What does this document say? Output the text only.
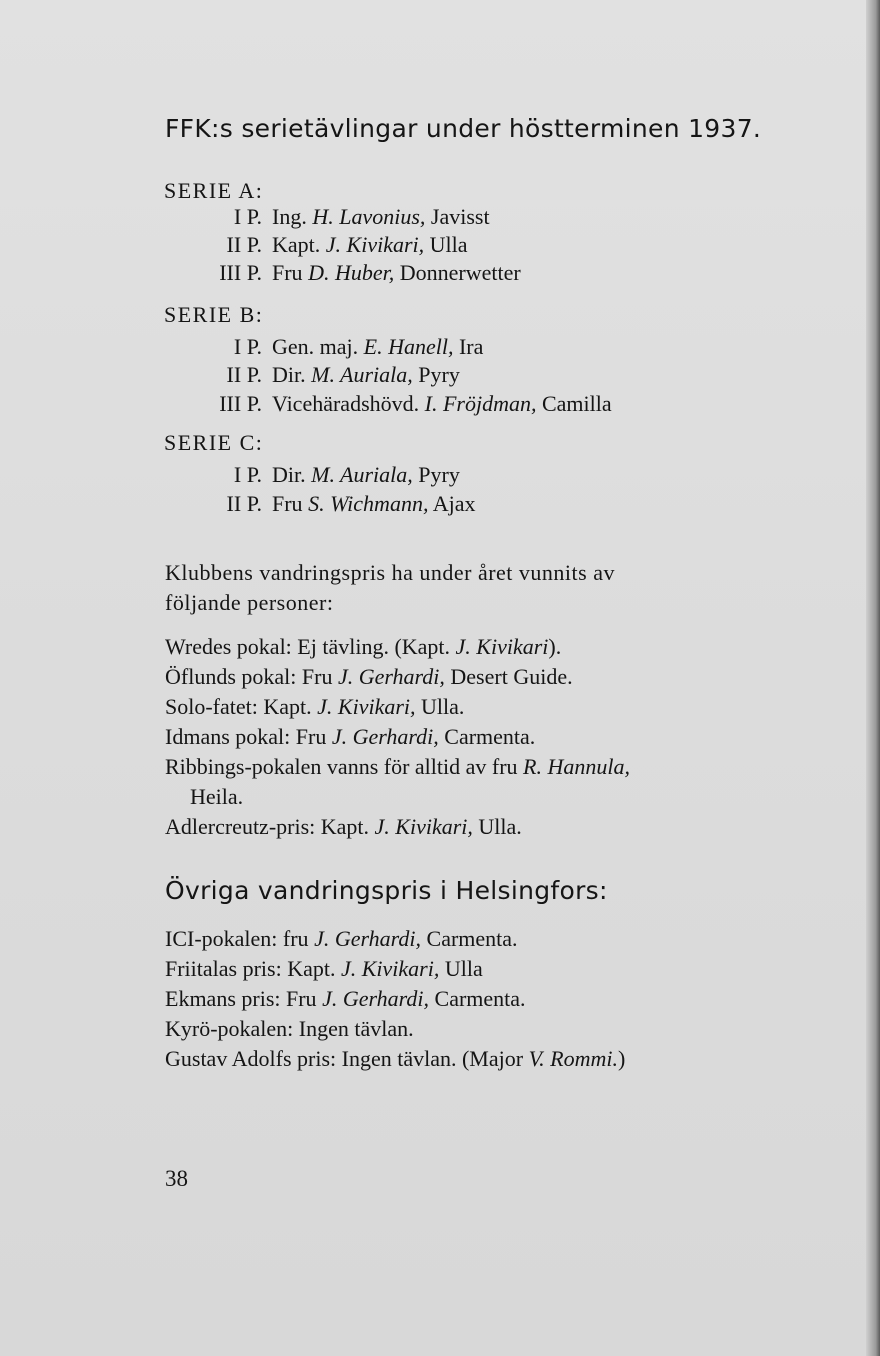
FFK:s serietävlingar under höstterminen 1937.
SERIE A:
I P. Ing. H. Lavonius, Javisst
II P. Kapt. J. Kivikari, Ulla
III P. Fru D. Huber, Donnerwetter
SERIE B:
I P. Gen. maj. E. Hanell, Ira
II P. Dir. M. Auriala, Pyry
III P. Vicehäradshövd. I. Fröjdman, Camilla
SERIE C:
I P. Dir. M. Auriala, Pyry
II P. Fru S. Wichmann, Ajax
Klubbens vandringspris ha under året vunnits av
följande personer:
Wredes pokal: Ej tävling. (Kapt. J. Kivikari).
Öflunds pokal: Fru J. Gerhardi, Desert Guide.
Solo-fatet: Kapt. J. Kivikari, Ulla.
Idmans pokal: Fru J. Gerhardi, Carmenta.
Ribbings-pokalen vanns för alltid av fru R. Hannula,
Heila.
Adlercreutz-pris: Kapt. J. Kivikari, Ulla.
Övriga vandringspris i Helsingfors:
ICI-pokalen: fru J. Gerhardi, Carmenta.
Friitalas pris: Kapt. J. Kivikari, Ulla
Ekmans pris: Fru J. Gerhardi, Carmenta.
Kyrö-pokalen: Ingen tävlan.
Gustav Adolfs pris: Ingen tävlan. (Major V. Rommi.)
38
